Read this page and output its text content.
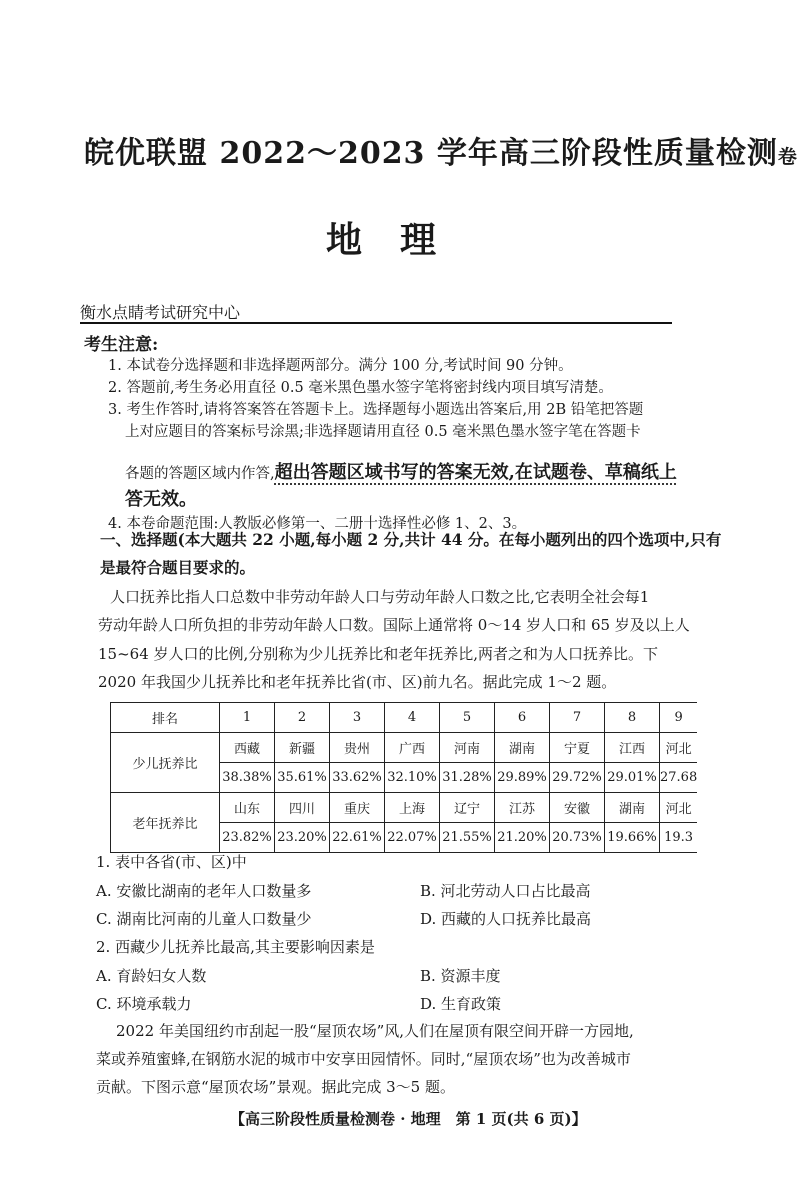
皖优联盟 2022～2023 学年高三阶段性质量检测卷
地理
衡水点睛考试研究中心
考生注意:
1. 本试卷分选择题和非选择题两部分。满分 100 分,考试时间 90 分钟。
2. 答题前,考生务必用直径 0.5 毫米黑色墨水签字笔将密封线内项目填写清楚。
3. 考生作答时,请将答案答在答题卡上。选择题每小题选出答案后,用 2B 铅笔把答题
上对应题目的答案标号涂黑;非选择题请用直径 0.5 毫米黑色墨水签字笔在答题卡
各题的答题区域内作答,超出答题区域书写的答案无效,在试题卷、草稿纸上
答无效。
4. 本卷命题范围:人教版必修第一、二册十选择性必修 1、2、3。
一、选择题(本大题共 22 小题,每小题 2 分,共计 44 分。在每小题列出的四个选项中,只有
是最符合题目要求的。
人口抚养比指人口总数中非劳动年龄人口与劳动年龄人口数之比,它表明全社会每1
劳动年龄人口所负担的非劳动年龄人口数。国际上通常将 0～14 岁人口和 65 岁及以上人
15~64 岁人口的比例,分别称为少儿抚养比和老年抚养比,两者之和为人口抚养比。下
2020 年我国少儿抚养比和老年抚养比省(市、区)前九名。据此完成 1～2 题。
排名	1	2	3	4	5	6	7	8	9
少儿抚养比	西藏	新疆	贵州	广西	河南	湖南	宁夏	江西	河北
	38.38%	35.61%	33.62%	32.10%	31.28%	29.89%	29.72%	29.01%	27.68
老年抚养比	山东	四川	重庆	上海	辽宁	江苏	安徽	湖南	河北
	23.82%	23.20%	22.61%	22.07%	21.55%	21.20%	20.73%	19.66%	19.3
1. 表中各省(市、区)中
A. 安徽比湖南的老年人口数量多	B. 河北劳动人口占比最高
C. 湖南比河南的儿童人口数量少	D. 西藏的人口抚养比最高
2. 西藏少儿抚养比最高,其主要影响因素是
A. 育龄妇女人数	B. 资源丰度
C. 环境承载力	D. 生育政策
2022 年美国纽约市刮起一股“屋顶农场”风,人们在屋顶有限空间开辟一方园地,
菜或养殖蜜蜂,在钢筋水泥的城市中安享田园情怀。同时,“屋顶农场”也为改善城市
贡献。下图示意“屋顶农场”景观。据此完成 3～5 题。
【高三阶段性质量检测卷 · 地理　第 1 页(共 6 页)】
